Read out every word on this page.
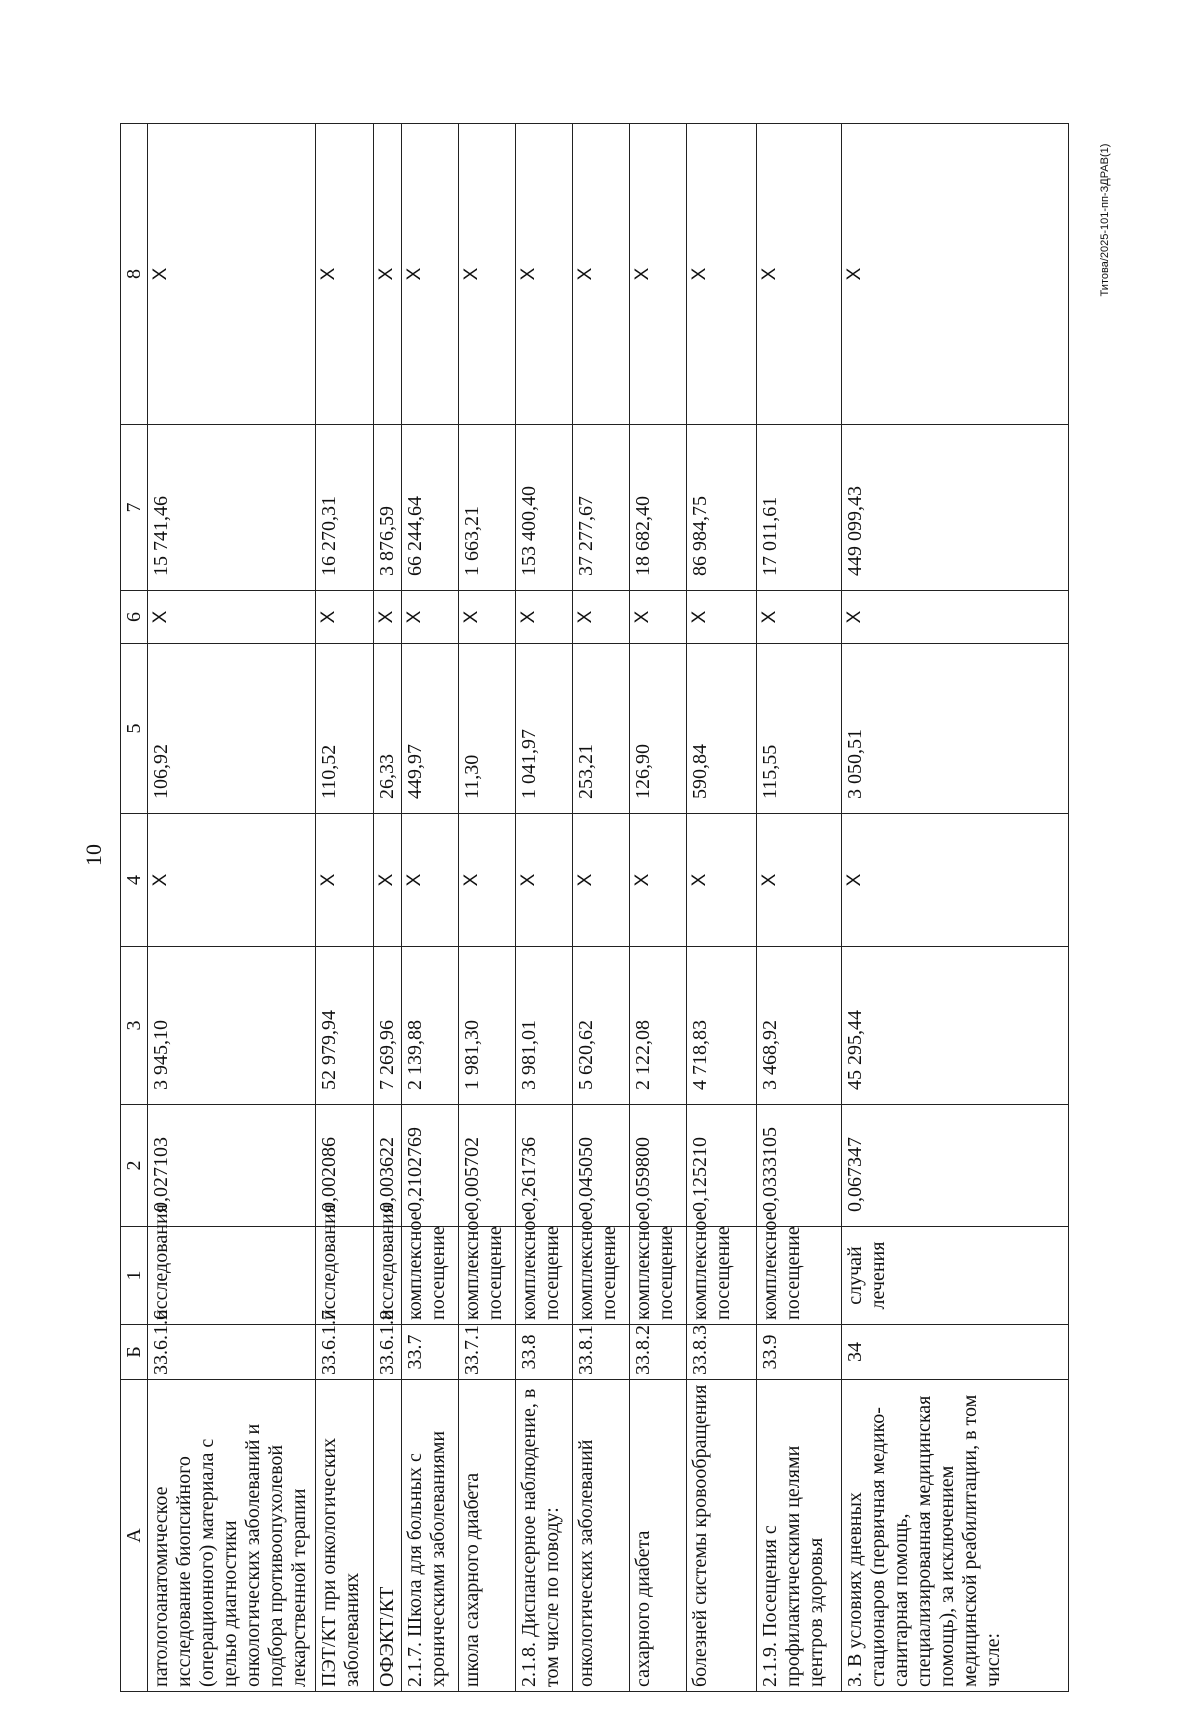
10
Титова/2025-101-пп-ЗДРАВ(1)
А	Б	1	2	3	4	5	6	7	8
патологоанатомическое исследование биопсийного (операционного) материала с целью диагностики онкологических заболеваний и подбора противоопухолевой лекарственной терапии	33.6.1.6	исследования	0,027103	3 945,10	X	106,92	X	15 741,46	X
ПЭТ/КТ при онкологических заболеваниях	33.6.1.7	исследования	0,002086	52 979,94	X	110,52	X	16 270,31	X
ОФЭКТ/КТ	33.6.1.8	исследования	0,003622	7 269,96	X	26,33	X	3 876,59	X
2.1.7. Школа для больных с хроническими заболеваниями	33.7	комплексное посещение	0,2102769	2 139,88	X	449,97	X	66 244,64	X
школа сахарного диабета	33.7.1	комплексное посещение	0,005702	1 981,30	X	11,30	X	1 663,21	X
2.1.8. Диспансерное наблюдение, в том числе по поводу:	33.8	комплексное посещение	0,261736	3 981,01	X	1 041,97	X	153 400,40	X
онкологических заболеваний	33.8.1	комплексное посещение	0,045050	5 620,62	X	253,21	X	37 277,67	X
сахарного диабета	33.8.2	комплексное посещение	0,059800	2 122,08	X	126,90	X	18 682,40	X
болезней системы кровообращения	33.8.3	комплексное посещение	0,125210	4 718,83	X	590,84	X	86 984,75	X
2.1.9. Посещения с профилактическими целями центров здоровья	33.9	комплексное посещение	0,0333105	3 468,92	X	115,55	X	17 011,61	X
3. В условиях дневных стационаров (первичная медико-санитарная помощь, специализированная медицинская помощь), за исключением медицинской реабилитации, в том числе:	34	случай лечения	0,067347	45 295,44	X	3 050,51	X	449 099,43	X
